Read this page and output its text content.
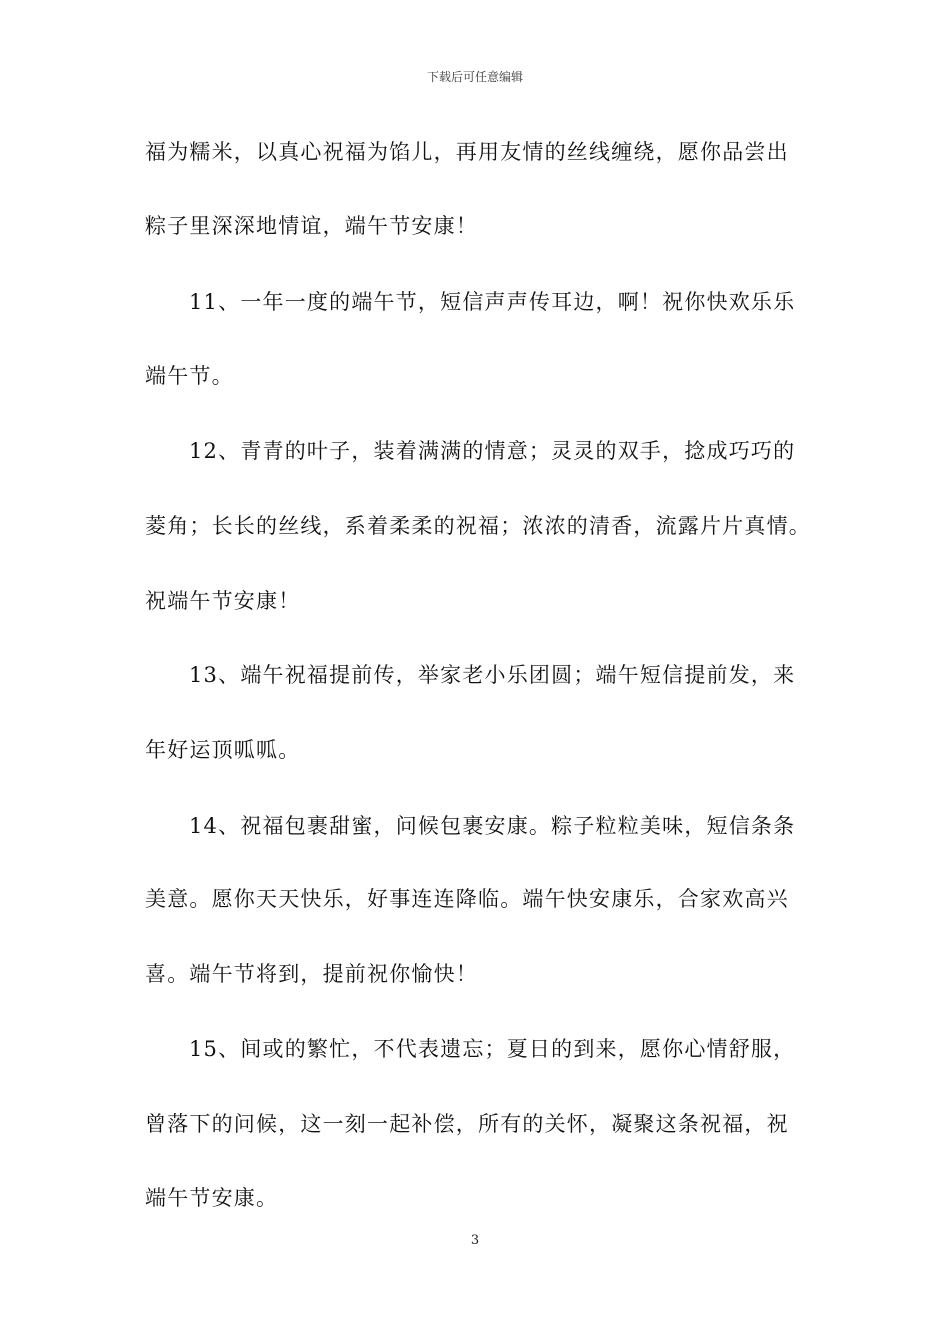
下载后可任意编辑
福为糯米，以真心祝福为馅儿，再用友情的丝线缠绕，愿你品尝出
粽子里深深地情谊，端午节安康！
11、一年一度的端午节，短信声声传耳边，啊！祝你快欢乐乐
端午节。
12、青青的叶子，装着满满的情意；灵灵的双手，捻成巧巧的
菱角；长长的丝线，系着柔柔的祝福；浓浓的清香，流露片片真情。
祝端午节安康！
13、端午祝福提前传，举家老小乐团圆；端午短信提前发，来
年好运顶呱呱。
14、祝福包裹甜蜜，问候包裹安康。粽子粒粒美味，短信条条
美意。愿你天天快乐，好事连连降临。端午快安康乐，合家欢高兴
喜。端午节将到，提前祝你愉快！
15、间或的繁忙，不代表遗忘；夏日的到来，愿你心情舒服，
曾落下的问候，这一刻一起补偿，所有的关怀，凝聚这条祝福，祝
端午节安康。
3
